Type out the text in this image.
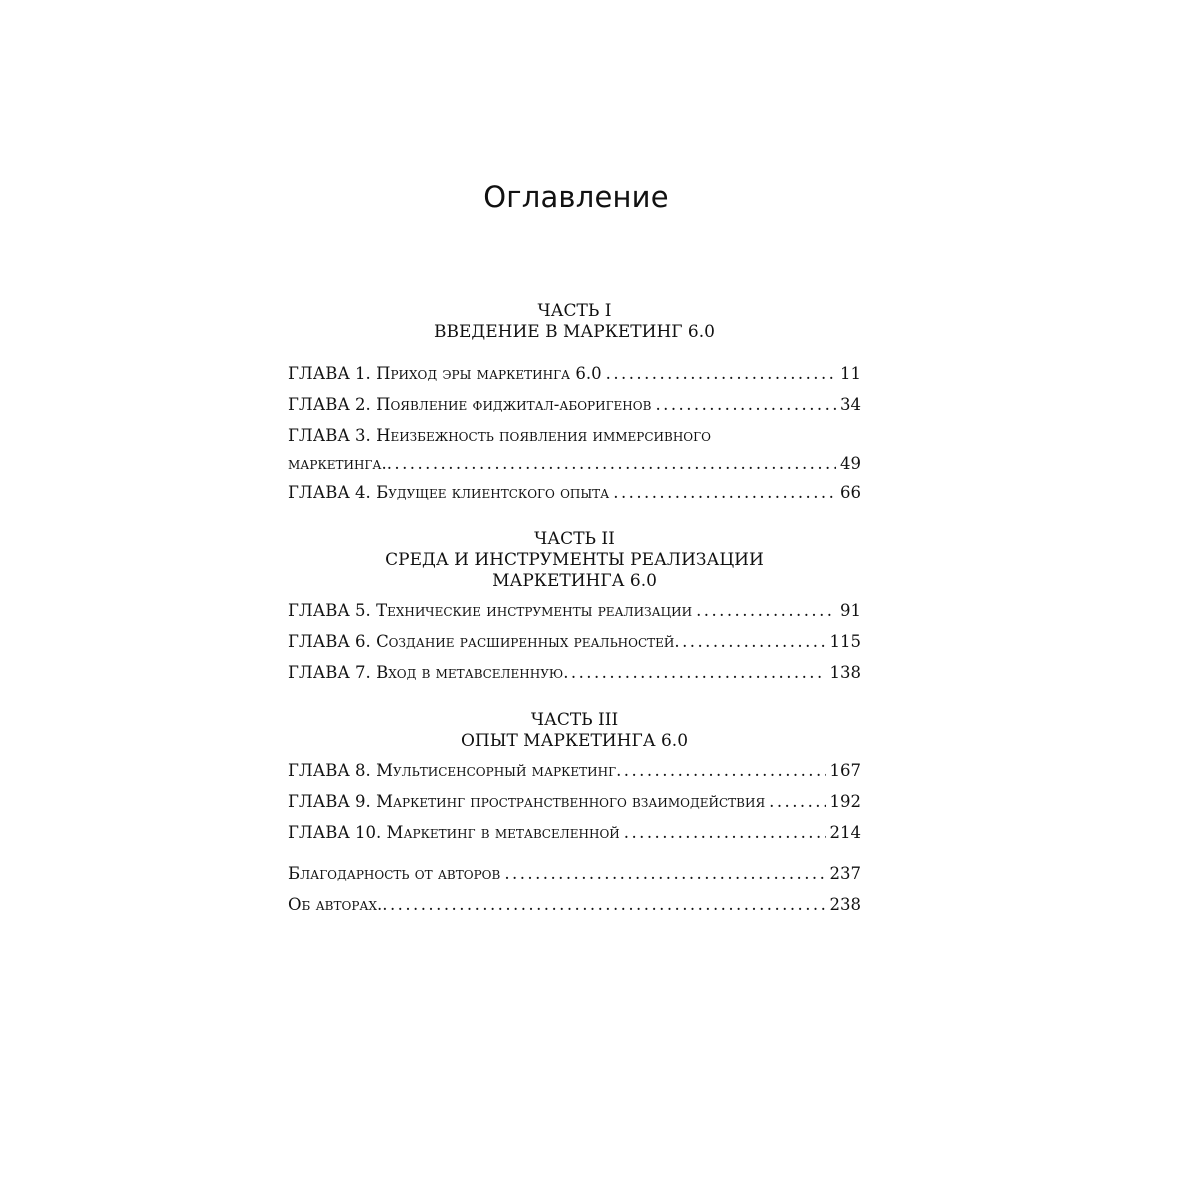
Оглавление
ЧАСТЬ I
ВВЕДЕНИЕ В МАРКЕТИНГ 6.0
ГЛАВА 1.
Приход эры маркетинга 6.0 . . .	11
ГЛАВА 2.
Появление фиджитал-аборигенов . . .	34
ГЛАВА 3.
Неизбежность появления иммерсивного
маркетинга. . . .	49
ГЛАВА 4.
Будущее клиентского опыта . . .	66
ЧАСТЬ II
СРЕДА И ИНСТРУМЕНТЫ РЕАЛИЗАЦИИ
МАРКЕТИНГА 6.0
ГЛАВА 5.
Технические инструменты реализации . . .	91
ГЛАВА 6.
Создание расширенных реальностей . . .	115
ГЛАВА 7.
Вход в метавселенную . . .	138
ЧАСТЬ III
ОПЫТ МАРКЕТИНГА 6.0
ГЛАВА 8.
Мультисенсорный маркетинг . . .	167
ГЛАВА 9.
Маркетинг пространственного взаимодействия . . .	192
ГЛАВА 10.
Маркетинг в метавселенной . . .	214
Благодарность от авторов . . .	237
Об авторах. . . .	238
